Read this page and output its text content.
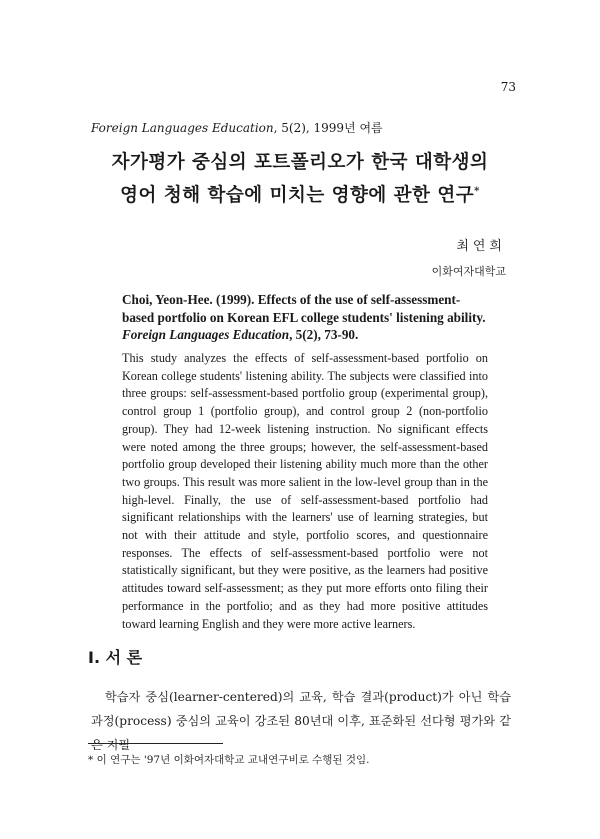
73
Foreign Languages Education, 5(2), 1999년 여름
자가평가 중심의 포트폴리오가 한국 대학생의
영어 청해 학습에 미치는 영향에 관한 연구*
최연희
이화여자대학교
Choi, Yeon-Hee. (1999). Effects of the use of self-assessment-based portfolio on Korean EFL college students' listening ability. Foreign Languages Education, 5(2), 73-90.
This study analyzes the effects of self-assessment-based portfolio on Korean college students' listening ability. The subjects were classified into three groups: self-assessment-based portfolio group (experimental group), control group 1 (portfolio group), and control group 2 (non-portfolio group). They had 12-week listening instruction. No significant effects were noted among the three groups; however, the self-assessment-based portfolio group developed their listening ability much more than the other two groups. This result was more salient in the low-level group than in the high-level. Finally, the use of self-assessment-based portfolio had significant relationships with the learners' use of learning strategies, but not with their attitude and style, portfolio scores, and questionnaire responses. The effects of self-assessment-based portfolio were not statistically significant, but they were positive, as the learners had positive attitudes toward self-assessment; as they put more efforts onto filing their performance in the portfolio; and as they had more positive attitudes toward learning English and they were more active learners.
I. 서 론
학습자 중심(learner-centered)의 교육, 학습 결과(product)가 아닌 학습 과정(process) 중심의 교육이 강조된 80년대 이후, 표준화된 선다형 평가와 같은 지필
* 이 연구는 '97년 이화여자대학교 교내연구비로 수행된 것임.
